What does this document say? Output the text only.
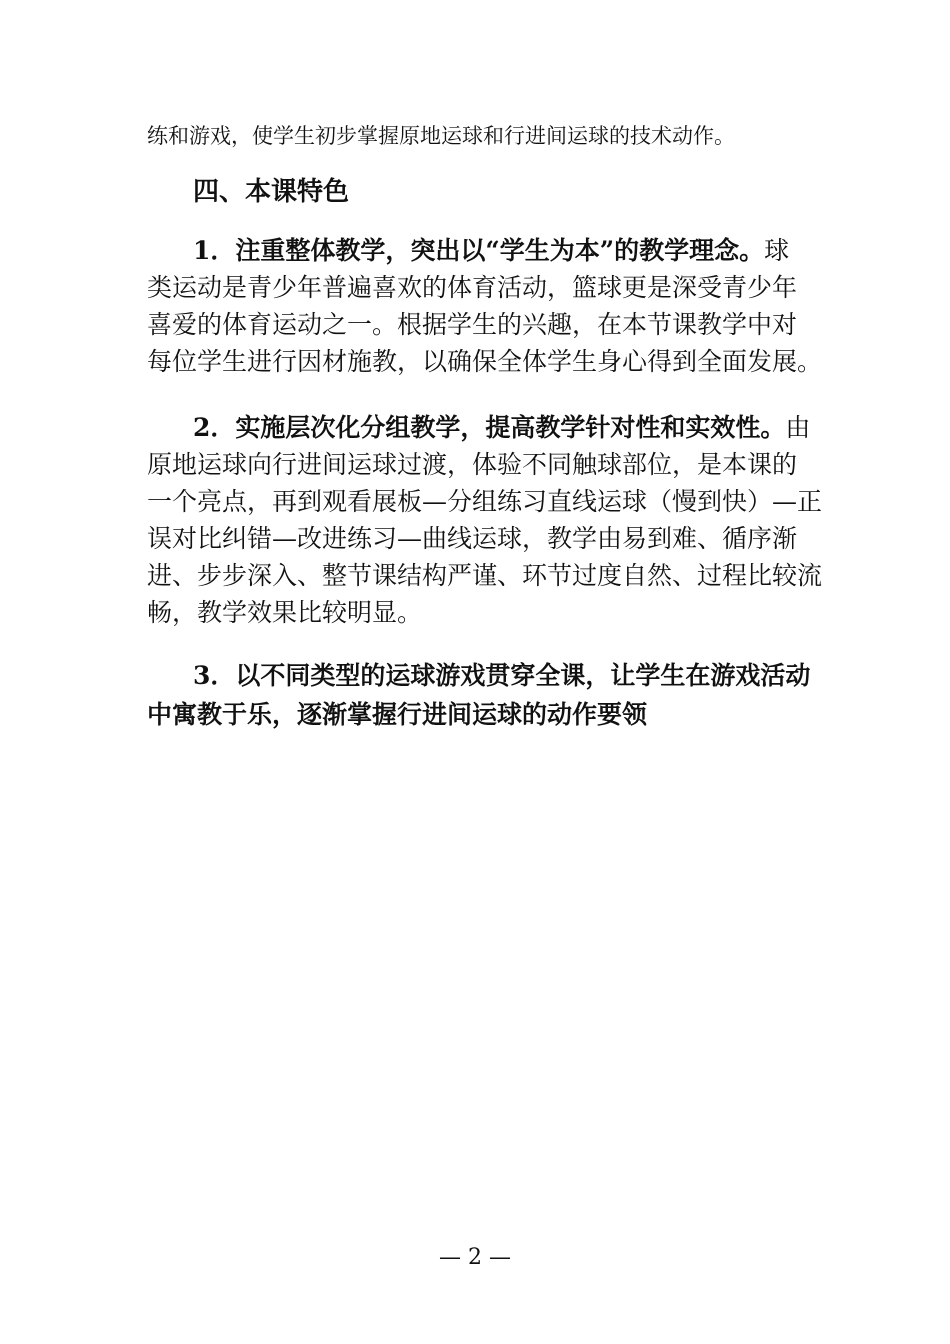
练和游戏，使学生初步掌握原地运球和行进间运球的技术动作。
四、本课特色
1．注重整体教学，突出以“学生为本”的教学理念。球
类运动是青少年普遍喜欢的体育活动，篮球更是深受青少年
喜爱的体育运动之一。根据学生的兴趣，在本节课教学中对
每位学生进行因材施教，以确保全体学生身心得到全面发展。
2．实施层次化分组教学，提高教学针对性和实效性。由
原地运球向行进间运球过渡，体验不同触球部位，是本课的
一个亮点，再到观看展板—分组练习直线运球（慢到快）—正
误对比纠错—改进练习—曲线运球，教学由易到难、循序渐
进、步步深入、整节课结构严谨、环节过度自然、过程比较流
畅，教学效果比较明显。
3．以不同类型的运球游戏贯穿全课，让学生在游戏活动
中寓教于乐，逐渐掌握行进间运球的动作要领
— 2 —
